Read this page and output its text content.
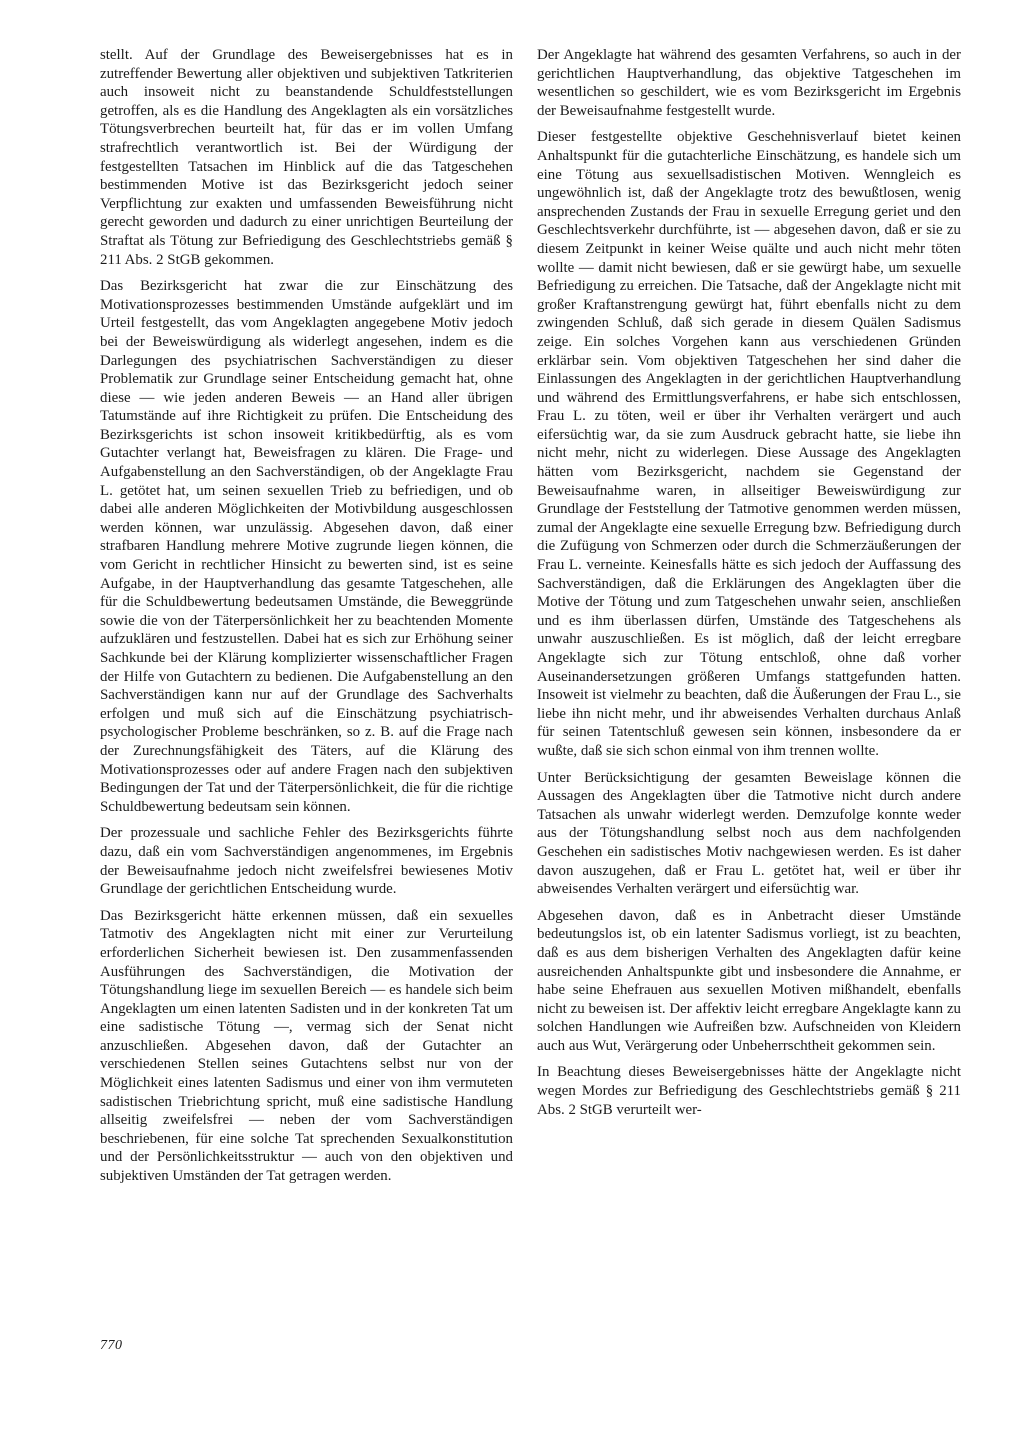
stellt. Auf der Grundlage des Beweisergebnisses hat es in zutreffender Bewertung aller objektiven und subjektiven Tatkriterien auch insoweit nicht zu beanstandende Schuldfeststellungen getroffen, als es die Handlung des Angeklagten als ein vorsätzliches Tötungsverbrechen beurteilt hat, für das er im vollen Umfang strafrechtlich verantwortlich ist. Bei der Würdigung der festgestellten Tatsachen im Hinblick auf die das Tatgeschehen bestimmenden Motive ist das Bezirksgericht jedoch seiner Verpflichtung zur exakten und umfassenden Beweisführung nicht gerecht geworden und dadurch zu einer unrichtigen Beurteilung der Straftat als Tötung zur Befriedigung des Geschlechtstriebs gemäß § 211 Abs. 2 StGB gekommen.

Das Bezirksgericht hat zwar die zur Einschätzung des Motivationsprozesses bestimmenden Umstände aufgeklärt und im Urteil festgestellt, das vom Angeklagten angegebene Motiv jedoch bei der Beweiswürdigung als widerlegt angesehen, indem es die Darlegungen des psychiatrischen Sachverständigen zu dieser Problematik zur Grundlage seiner Entscheidung gemacht hat, ohne diese — wie jeden anderen Beweis — an Hand aller übrigen Tatumstände auf ihre Richtigkeit zu prüfen. Die Entscheidung des Bezirksgerichts ist schon insoweit kritikbedürftig, als es vom Gutachter verlangt hat, Beweisfragen zu klären. Die Frage- und Aufgabenstellung an den Sachverständigen, ob der Angeklagte Frau L. getötet hat, um seinen sexuellen Trieb zu befriedigen, und ob dabei alle anderen Möglichkeiten der Motivbildung ausgeschlossen werden können, war unzulässig. Abgesehen davon, daß einer strafbaren Handlung mehrere Motive zugrunde liegen können, die vom Gericht in rechtlicher Hinsicht zu bewerten sind, ist es seine Aufgabe, in der Hauptverhandlung das gesamte Tatgeschehen, alle für die Schuldbewertung bedeutsamen Umstände, die Beweggründe sowie die von der Täterpersönlichkeit her zu beachtenden Momente aufzuklären und festzustellen. Dabei hat es sich zur Erhöhung seiner Sachkunde bei der Klärung komplizierter wissenschaftlicher Fragen der Hilfe von Gutachtern zu bedienen. Die Aufgabenstellung an den Sachverständigen kann nur auf der Grundlage des Sachverhalts erfolgen und muß sich auf die Einschätzung psychiatrisch-psychologischer Probleme beschränken, so z. B. auf die Frage nach der Zurechnungsfähigkeit des Täters, auf die Klärung des Motivationsprozesses oder auf andere Fragen nach den subjektiven Bedingungen der Tat und der Täterpersönlichkeit, die für die richtige Schuldbewertung bedeutsam sein können.

Der prozessuale und sachliche Fehler des Bezirksgerichts führte dazu, daß ein vom Sachverständigen angenommenes, im Ergebnis der Beweisaufnahme jedoch nicht zweifelsfrei bewiesenes Motiv Grundlage der gerichtlichen Entscheidung wurde.

Das Bezirksgericht hätte erkennen müssen, daß ein sexuelles Tatmotiv des Angeklagten nicht mit einer zur Verurteilung erforderlichen Sicherheit bewiesen ist. Den zusammenfassenden Ausführungen des Sachverständigen, die Motivation der Tötungshandlung liege im sexuellen Bereich — es handele sich beim Angeklagten um einen latenten Sadisten und in der konkreten Tat um eine sadistische Tötung —, vermag sich der Senat nicht anzuschließen. Abgesehen davon, daß der Gutachter an verschiedenen Stellen seines Gutachtens selbst nur von der Möglichkeit eines latenten Sadismus und einer von ihm vermuteten sadistischen Triebrichtung spricht, muß eine sadistische Handlung allseitig zweifelsfrei — neben der vom Sachverständigen beschriebenen, für eine solche Tat sprechenden Sexualkonstitution und der Persönlichkeitsstruktur — auch von den objektiven und subjektiven Umständen der Tat getragen werden.

Der Angeklagte hat während des gesamten Verfahrens, so auch in der gerichtlichen Hauptverhandlung, das objektive Tatgeschehen im wesentlichen so geschildert, wie es vom Bezirksgericht im Ergebnis der Beweisaufnahme festgestellt wurde.

Dieser festgestellte objektive Geschehnisverlauf bietet keinen Anhaltspunkt für die gutachterliche Einschätzung, es handele sich um eine Tötung aus sexuellsadistischen Motiven. Wenngleich es ungewöhnlich ist, daß der Angeklagte trotz des bewußtlosen, wenig ansprechenden Zustands der Frau in sexuelle Erregung geriet und den Geschlechtsverkehr durchführte, ist — abgesehen davon, daß er sie zu diesem Zeitpunkt in keiner Weise quälte und auch nicht mehr töten wollte — damit nicht bewiesen, daß er sie gewürgt habe, um sexuelle Befriedigung zu erreichen. Die Tatsache, daß der Angeklagte nicht mit großer Kraftanstrengung gewürgt hat, führt ebenfalls nicht zu dem zwingenden Schluß, daß sich gerade in diesem Quälen Sadismus zeige. Ein solches Vorgehen kann aus verschiedenen Gründen erklärbar sein. Vom objektiven Tatgeschehen her sind daher die Einlassungen des Angeklagten in der gerichtlichen Hauptverhandlung und während des Ermittlungsverfahrens, er habe sich entschlossen, Frau L. zu töten, weil er über ihr Verhalten verärgert und auch eifersüchtig war, da sie zum Ausdruck gebracht hatte, sie liebe ihn nicht mehr, nicht zu widerlegen. Diese Aussage des Angeklagten hätten vom Bezirksgericht, nachdem sie Gegenstand der Beweisaufnahme waren, in allseitiger Beweiswürdigung zur Grundlage der Feststellung der Tatmotive genommen werden müssen, zumal der Angeklagte eine sexuelle Erregung bzw. Befriedigung durch die Zufügung von Schmerzen oder durch die Schmerzäußerungen der Frau L. verneinte. Keinesfalls hätte es sich jedoch der Auffassung des Sachverständigen, daß die Erklärungen des Angeklagten über die Motive der Tötung und zum Tatgeschehen unwahr seien, anschließen und es ihm überlassen dürfen, Umstände des Tatgeschehens als unwahr auszuschließen. Es ist möglich, daß der leicht erregbare Angeklagte sich zur Tötung entschloß, ohne daß vorher Auseinandersetzungen größeren Umfangs stattgefunden hatten. Insoweit ist vielmehr zu beachten, daß die Äußerungen der Frau L., sie liebe ihn nicht mehr, und ihr abweisendes Verhalten durchaus Anlaß für seinen Tatentschluß gewesen sein können, insbesondere da er wußte, daß sie sich schon einmal von ihm trennen wollte.

Unter Berücksichtigung der gesamten Beweislage können die Aussagen des Angeklagten über die Tatmotive nicht durch andere Tatsachen als unwahr widerlegt werden. Demzufolge konnte weder aus der Tötungshandlung selbst noch aus dem nachfolgenden Geschehen ein sadistisches Motiv nachgewiesen werden. Es ist daher davon auszugehen, daß er Frau L. getötet hat, weil er über ihr abweisendes Verhalten verärgert und eifersüchtig war.

Abgesehen davon, daß es in Anbetracht dieser Umstände bedeutungslos ist, ob ein latenter Sadismus vorliegt, ist zu beachten, daß es aus dem bisherigen Verhalten des Angeklagten dafür keine ausreichenden Anhaltspunkte gibt und insbesondere die Annahme, er habe seine Ehefrauen aus sexuellen Motiven mißhandelt, ebenfalls nicht zu beweisen ist. Der affektiv leicht erregbare Angeklagte kann zu solchen Handlungen wie Aufreißen bzw. Aufschneiden von Kleidern auch aus Wut, Verärgerung oder Unbeherrschtheit gekommen sein.

In Beachtung dieses Beweisergebnisses hätte der Angeklagte nicht wegen Mordes zur Befriedigung des Geschlechtstriebs gemäß § 211 Abs. 2 StGB verurteilt wer-

770
